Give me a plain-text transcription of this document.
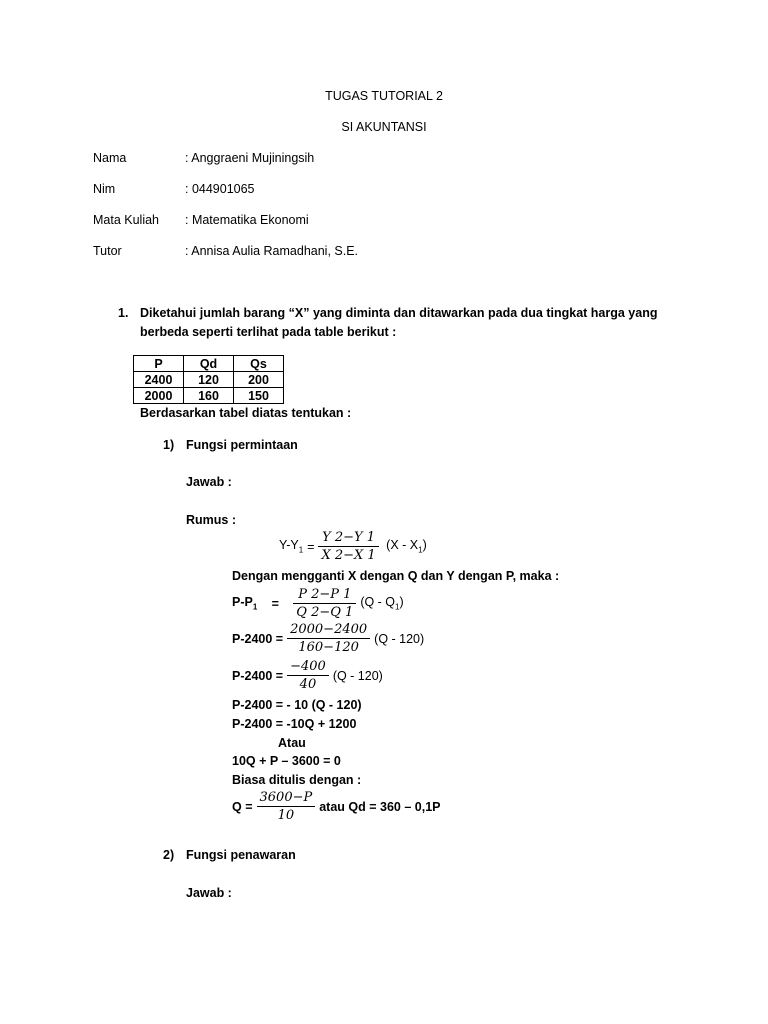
TUGAS TUTORIAL 2
SI AKUNTANSI
Nama	: Anggraeni Mujiningsih
Nim	: 044901065
Mata Kuliah : Matematika Ekonomi
Tutor	: Annisa Aulia Ramadhani, S.E.
1. Diketahui jumlah barang “X” yang diminta dan ditawarkan pada dua tingkat harga yang
berbeda seperti terlihat pada table berikut :
P	Qd	Qs
2400	120	200
2000	160	150
Berdasarkan tabel diatas tentukan :
1) Fungsi permintaan
Jawab :
Rumus :
$Y-Y_1 = \frac{Y 2-Y 1}{X 2-X 1} (X - X_1)$
Dengan mengganti X dengan Q dan Y dengan P, maka :
$P-P_1$	=	$\frac{P 2-P 1}{Q 2-Q 1} (Q - Q_1)$
$P-2400 = \frac{2000-2400}{160-120} (Q - 120)$
$P-2400 = \frac{-400}{40} (Q - 120)$
P-2400 = - 10 (Q - 120)
P-2400 = -10Q + 1200
Atau
10Q + P – 3600 = 0
Biasa ditulis dengan :
$Q = \frac{3600-P}{10}$ atau Qd = 360 – 0,1P
2) Fungsi penawaran
Jawab :
